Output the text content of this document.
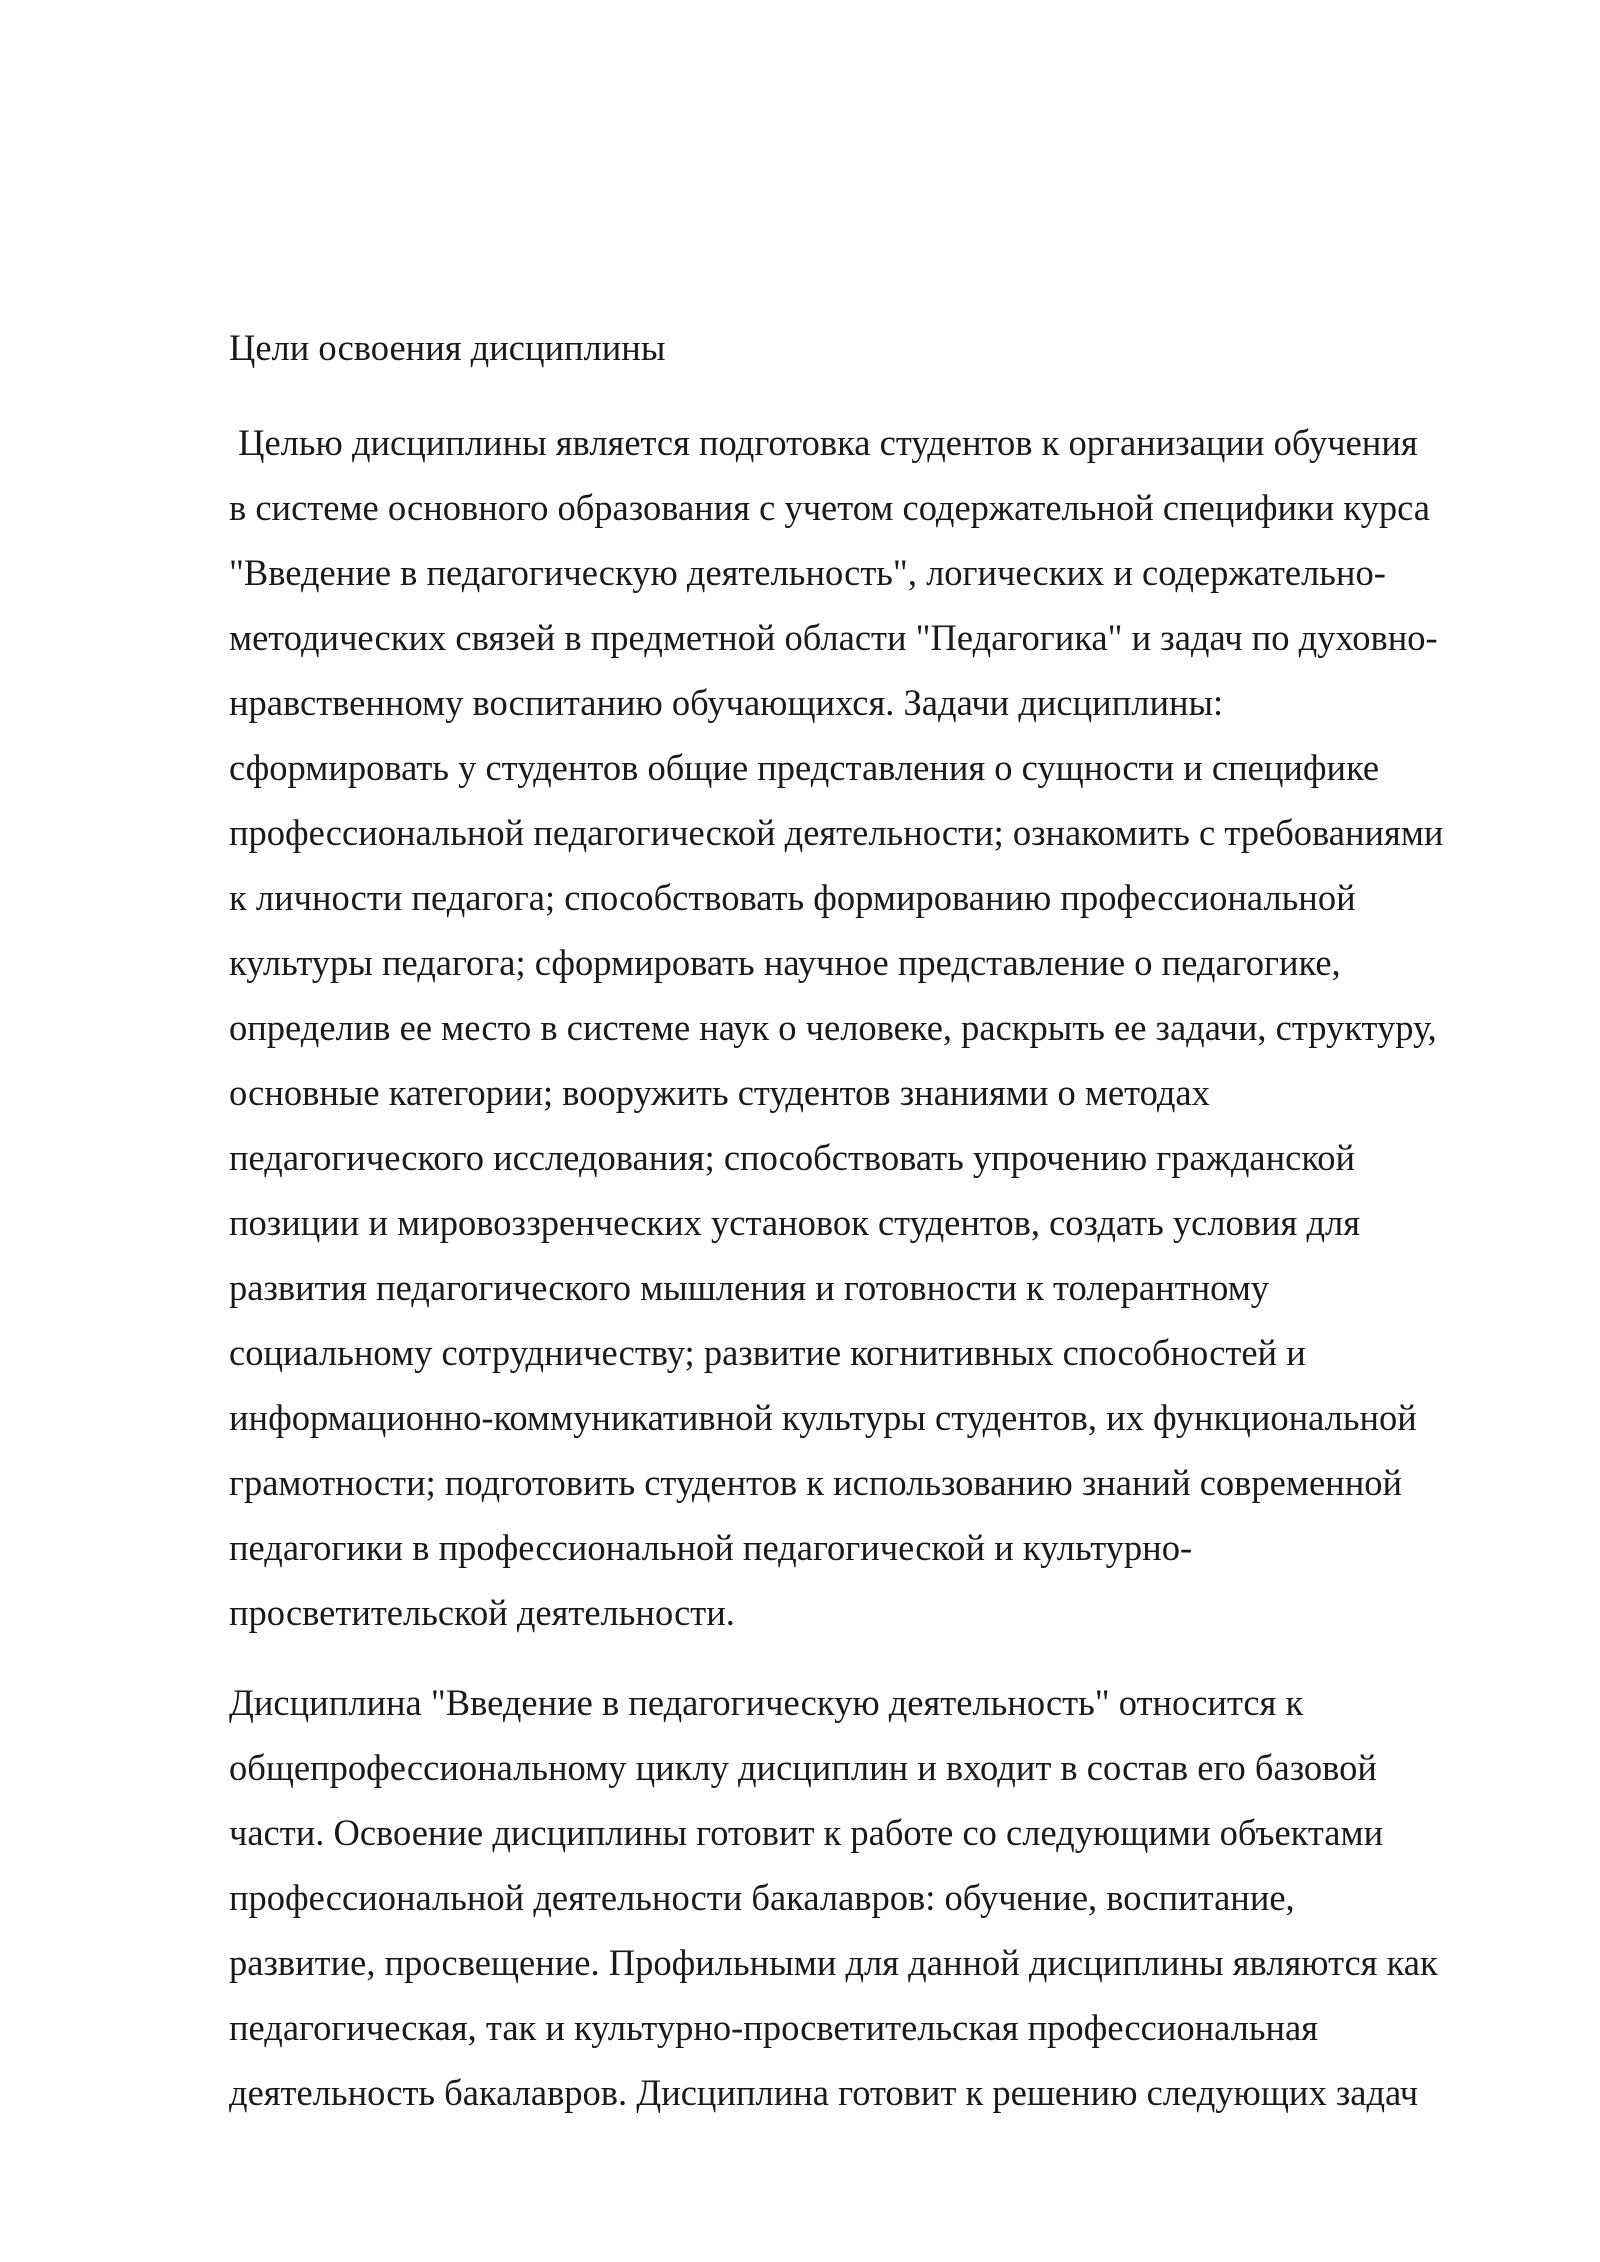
Цели освоения дисциплины
Целью дисциплины является подготовка студентов к организации обучения
в системе основного образования с учетом содержательной специфики курса
"Введение в педагогическую деятельность", логических и содержательно-
методических связей в предметной области "Педагогика" и задач по духовно-
нравственному воспитанию обучающихся. Задачи дисциплины:
сформировать у студентов общие представления о сущности и специфике
профессиональной педагогической деятельности; ознакомить с требованиями
к личности педагога; способствовать формированию профессиональной
культуры педагога; сформировать научное представление о педагогике,
определив ее место в системе наук о человеке, раскрыть ее задачи, структуру,
основные категории; вооружить студентов знаниями о методах
педагогического исследования; способствовать упрочению гражданской
позиции и мировоззренческих установок студентов, создать условия для
развития педагогического мышления и готовности к толерантному
социальному сотрудничеству; развитие когнитивных способностей и
информационно-коммуникативной культуры студентов, их функциональной
грамотности; подготовить студентов к использованию знаний современной
педагогики в профессиональной педагогической и культурно-
просветительской деятельности.
Дисциплина "Введение в педагогическую деятельность" относится к
общепрофессиональному циклу дисциплин и входит в состав его базовой
части. Освоение дисциплины готовит к работе со следующими объектами
профессиональной деятельности бакалавров: обучение, воспитание,
развитие, просвещение. Профильными для данной дисциплины являются как
педагогическая, так и культурно-просветительская профессиональная
деятельность бакалавров. Дисциплина готовит к решению следующих задач
